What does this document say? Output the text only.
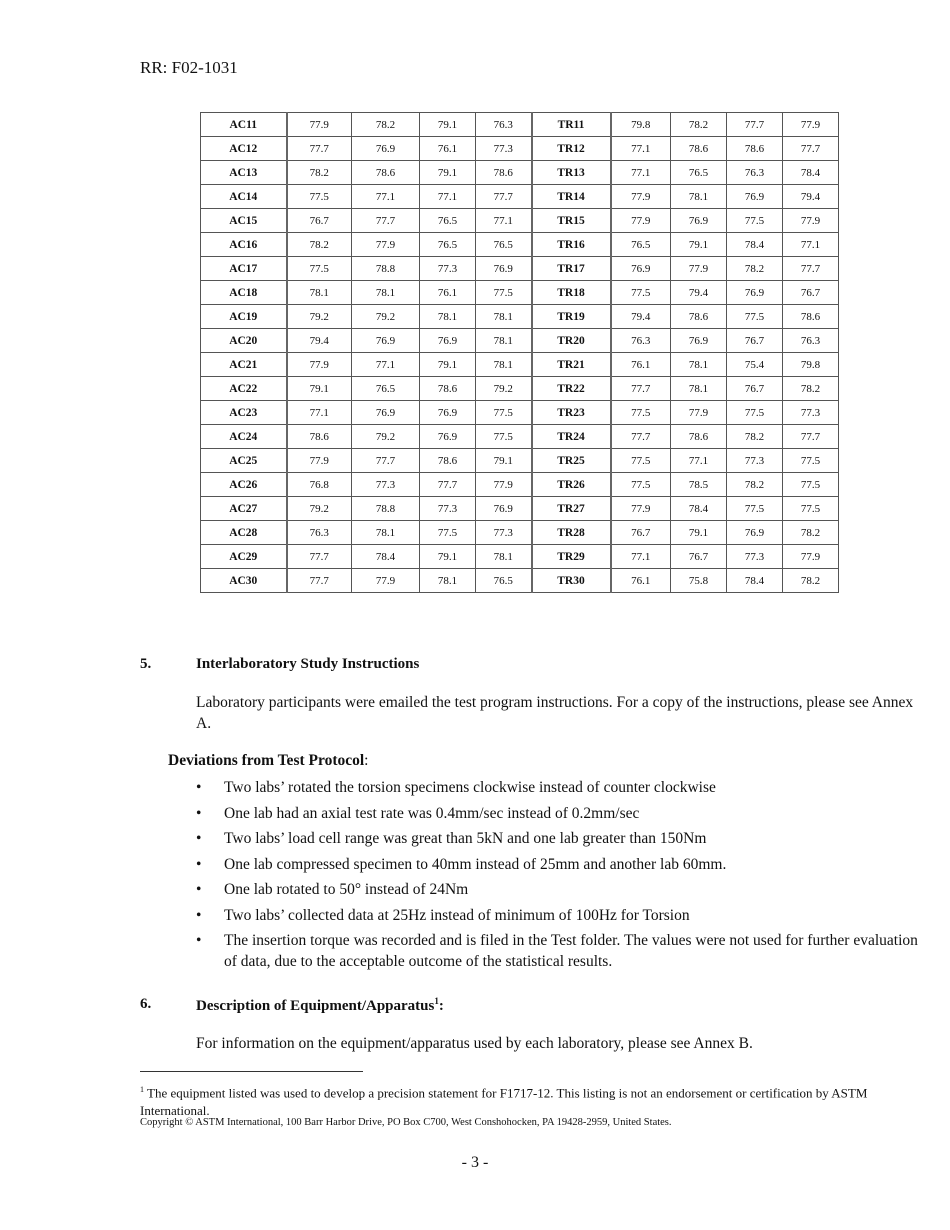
RR: F02-1031
AC11	77.9	78.2	79.1	76.3	TR11	79.8	78.2	77.7	77.9
AC12	77.7	76.9	76.1	77.3	TR12	77.1	78.6	78.6	77.7
AC13	78.2	78.6	79.1	78.6	TR13	77.1	76.5	76.3	78.4
AC14	77.5	77.1	77.1	77.7	TR14	77.9	78.1	76.9	79.4
AC15	76.7	77.7	76.5	77.1	TR15	77.9	76.9	77.5	77.9
AC16	78.2	77.9	76.5	76.5	TR16	76.5	79.1	78.4	77.1
AC17	77.5	78.8	77.3	76.9	TR17	76.9	77.9	78.2	77.7
AC18	78.1	78.1	76.1	77.5	TR18	77.5	79.4	76.9	76.7
AC19	79.2	79.2	78.1	78.1	TR19	79.4	78.6	77.5	78.6
AC20	79.4	76.9	76.9	78.1	TR20	76.3	76.9	76.7	76.3
AC21	77.9	77.1	79.1	78.1	TR21	76.1	78.1	75.4	79.8
AC22	79.1	76.5	78.6	79.2	TR22	77.7	78.1	76.7	78.2
AC23	77.1	76.9	76.9	77.5	TR23	77.5	77.9	77.5	77.3
AC24	78.6	79.2	76.9	77.5	TR24	77.7	78.6	78.2	77.7
AC25	77.9	77.7	78.6	79.1	TR25	77.5	77.1	77.3	77.5
AC26	76.8	77.3	77.7	77.9	TR26	77.5	78.5	78.2	77.5
AC27	79.2	78.8	77.3	76.9	TR27	77.9	78.4	77.5	77.5
AC28	76.3	78.1	77.5	77.3	TR28	76.7	79.1	76.9	78.2
AC29	77.7	78.4	79.1	78.1	TR29	77.1	76.7	77.3	77.9
AC30	77.7	77.9	78.1	76.5	TR30	76.1	75.8	78.4	78.2
5.	Interlaboratory Study Instructions
Laboratory participants were emailed the test program instructions. For a copy of the instructions, please see Annex A.
Deviations from Test Protocol:
• Two labs’ rotated the torsion specimens clockwise instead of counter clockwise
• One lab had an axial test rate was 0.4mm/sec instead of 0.2mm/sec
• Two labs’ load cell range was great than 5kN and one lab greater than 150Nm
• One lab compressed specimen to 40mm instead of 25mm and another lab 60mm.
• One lab rotated to 50° instead of 24Nm
• Two labs’ collected data at 25Hz instead of minimum of 100Hz for Torsion
• The insertion torque was recorded and is filed in the Test folder. The values were not used for further evaluation of data, due to the acceptable outcome of the statistical results.
6.	Description of Equipment/Apparatus$^1$:
For information on the equipment/apparatus used by each laboratory, please see Annex B.
$^1$ The equipment listed was used to develop a precision statement for F1717-12. This listing is not an endorsement or certification by ASTM International.
Copyright © ASTM International, 100 Barr Harbor Drive, PO Box C700, West Conshohocken, PA 19428-2959, United States.
- 3 -
